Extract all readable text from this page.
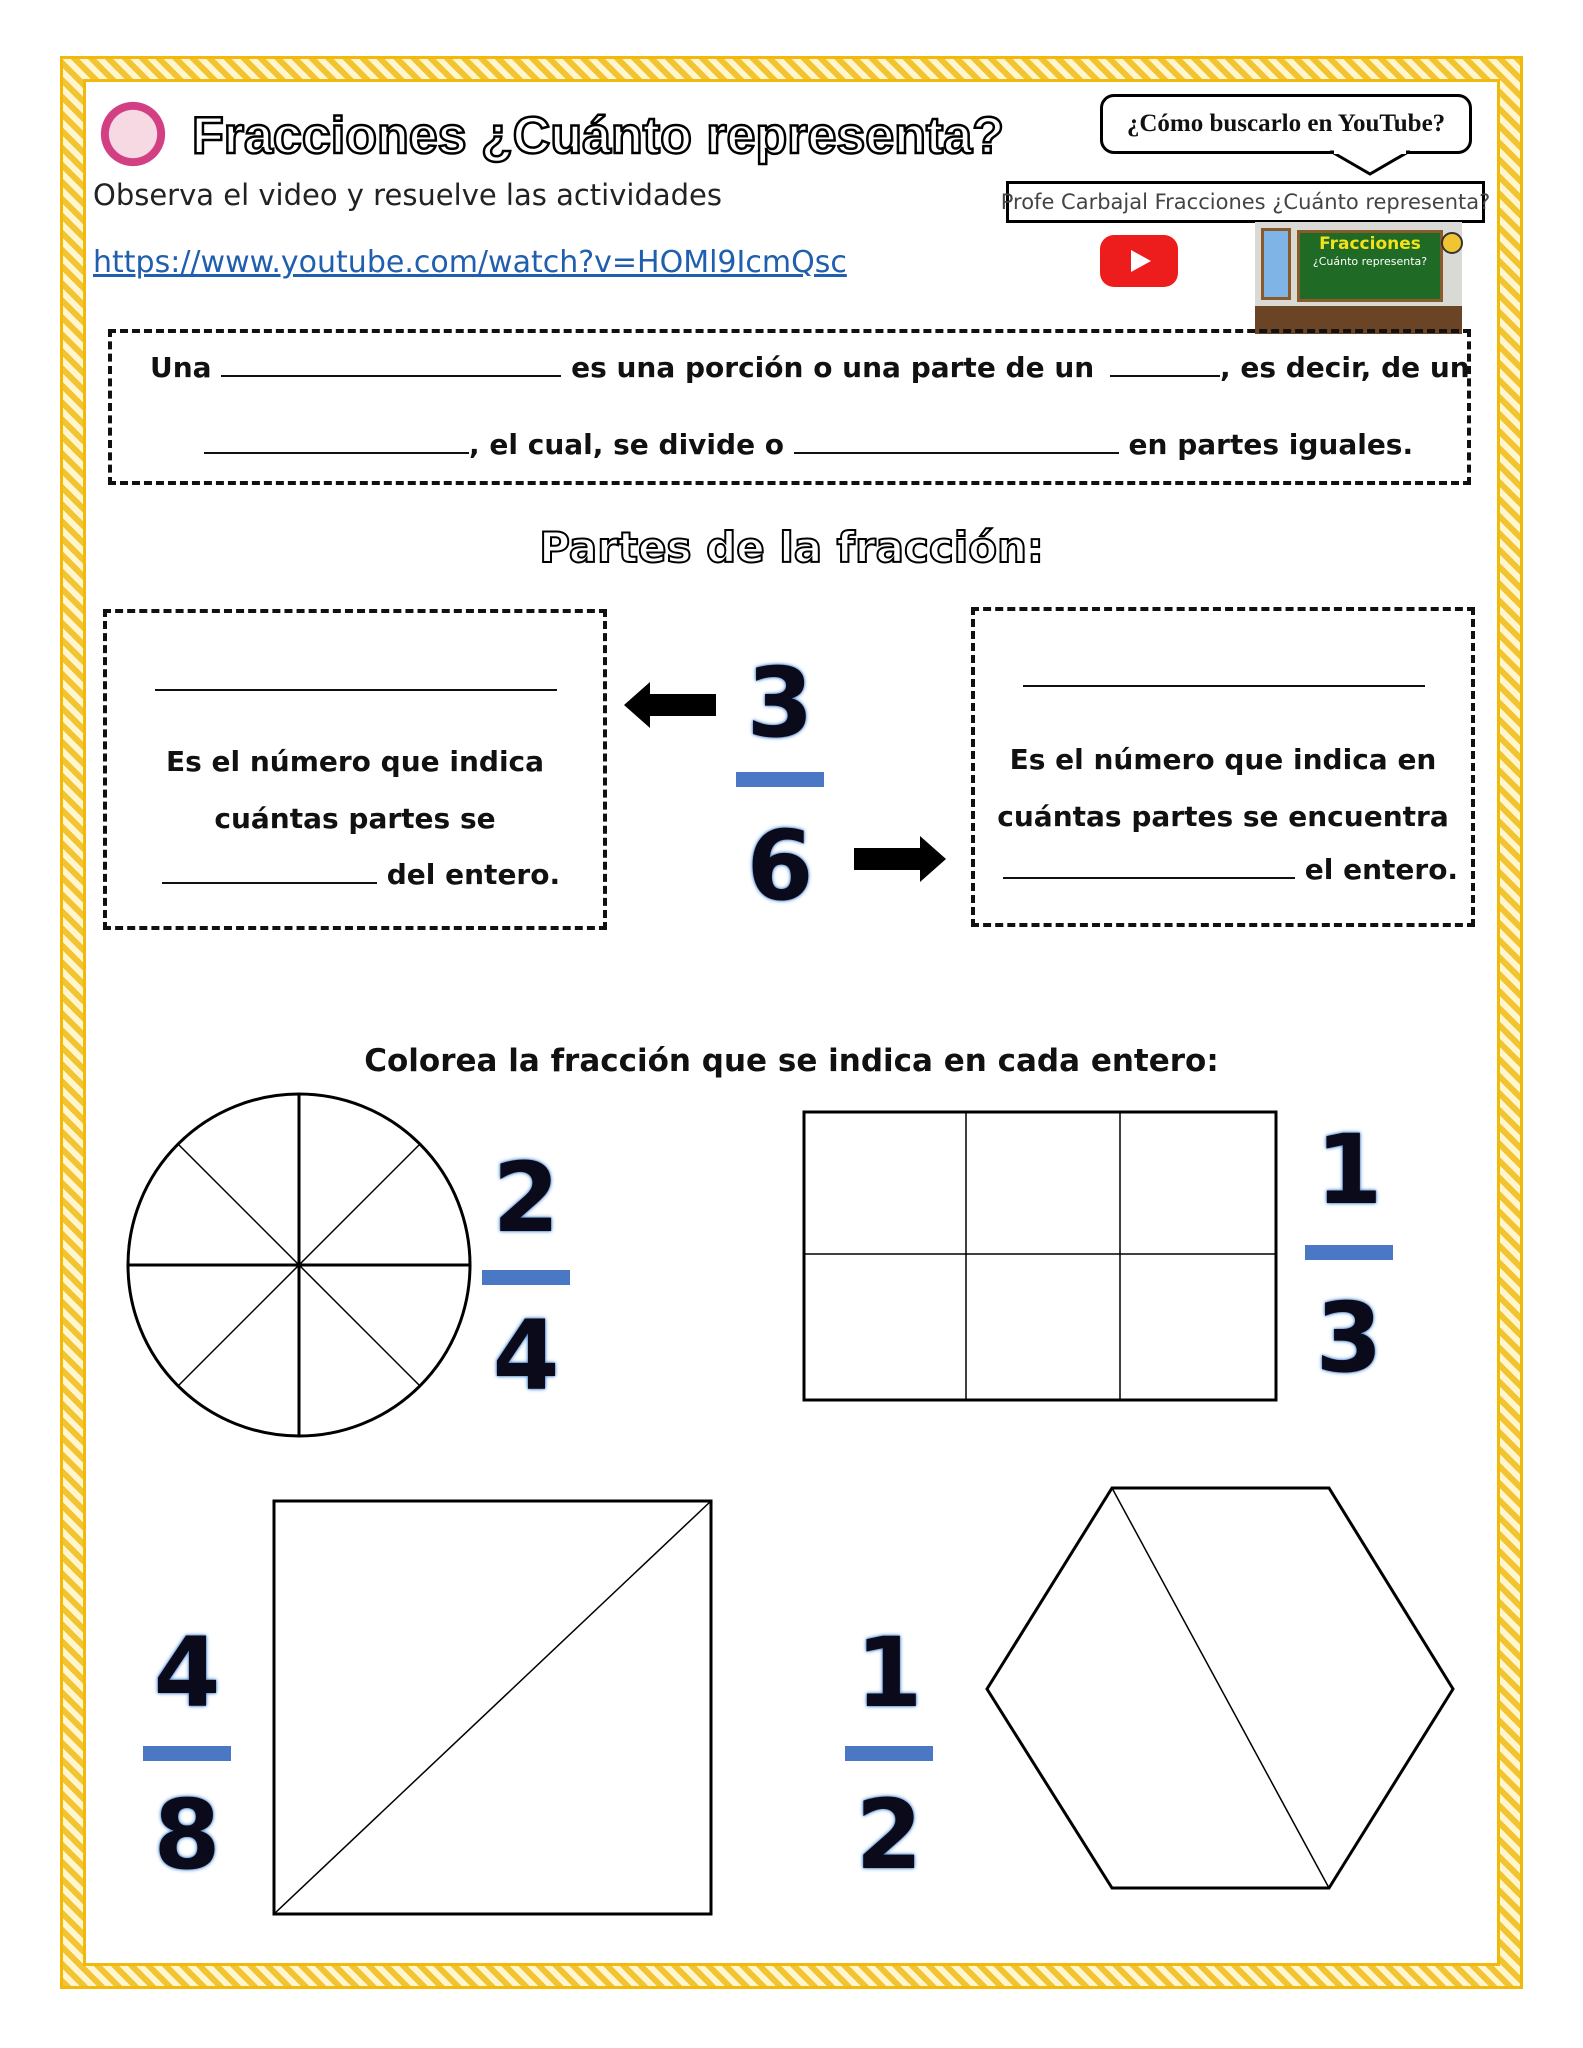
Fracciones ¿Cuánto representa?
Observa el video y resuelve las actividades
https://www.youtube.com/watch?v=HOMl9IcmQsc
¿Cómo buscarlo en YouTube?
Profe Carbajal Fracciones ¿Cuánto representa?
Fracciones
¿Cuánto representa?
Una	es una porción o una parte de un	, es decir, de un
, el cual, se divide o	en partes iguales.
Partes de la fracción:
Es el número que indica
cuántas partes se
del entero.
Es el número que indica en
cuántas partes se encuentra
el entero.
3
6
Colorea la fracción que se indica en cada entero:
2
4
1
3
4
8
1
2
